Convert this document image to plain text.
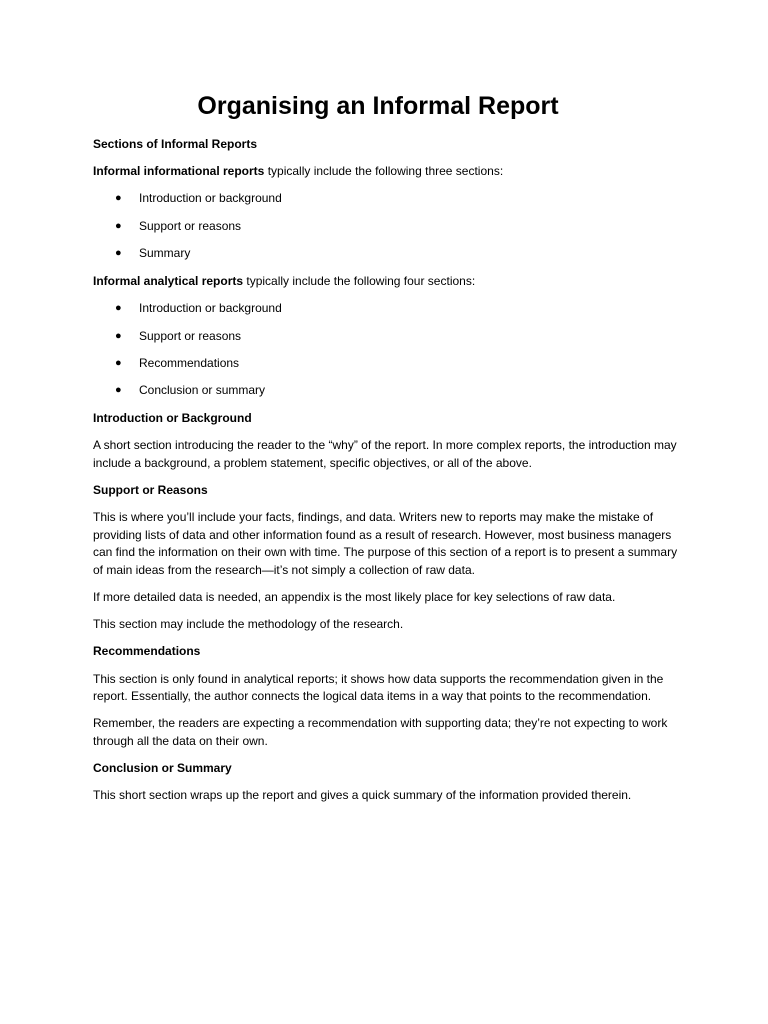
Organising an Informal Report

Sections of Informal Reports

Informal informational reports typically include the following three sections:

● Introduction or background
● Support or reasons
● Summary

Informal analytical reports typically include the following four sections:

● Introduction or background
● Support or reasons
● Recommendations
● Conclusion or summary

Introduction or Background

A short section introducing the reader to the “why” of the report. In more complex reports, the introduction may include a background, a problem statement, specific objectives, or all of the above.

Support or Reasons

This is where you’ll include your facts, findings, and data. Writers new to reports may make the mistake of providing lists of data and other information found as a result of research. However, most business managers can find the information on their own with time. The purpose of this section of a report is to present a summary of main ideas from the research—it’s not simply a collection of raw data.

If more detailed data is needed, an appendix is the most likely place for key selections of raw data.

This section may include the methodology of the research.

Recommendations

This section is only found in analytical reports; it shows how data supports the recommendation given in the report. Essentially, the author connects the logical data items in a way that points to the recommendation.

Remember, the readers are expecting a recommendation with supporting data; they’re not expecting to work through all the data on their own.

Conclusion or Summary

This short section wraps up the report and gives a quick summary of the information provided therein.
